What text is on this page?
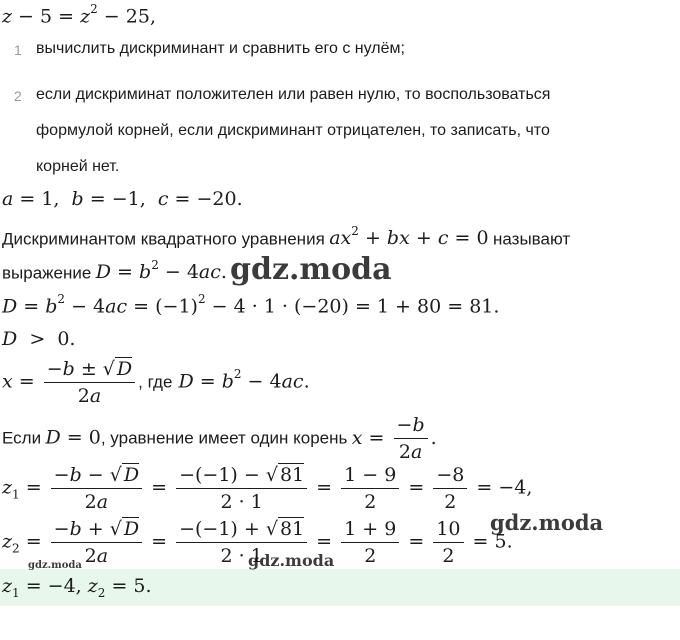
$z - 5 = z^2 - 25$,
1 вычислить дискриминант и сравнить его с нулём;
2 если дискриминат положителен или равен нулю, то воспользоваться
формулой корней, если дискриминант отрицателен, то записать, что
корней нет.
a = 1,  b = −1,  c = −20.
Дискриминантом квадратного уравнения $ax^2$ + bx + c = 0 называют
выражение $D = b^2 - 4ac$.
$D = b^2 - 4ac = (-1)^2 - 4 \cdot 1 \cdot (-20) = 1 + 80 = 81$.
D  >  0.
$x = \frac{-b \pm √ D}{2a}$ , где $D = b^2 - 4ac$.
Если D = 0, уравнение имеет один корень $x = \frac{-b}{2a}$ .
$z_1 = \frac{-b - √ D}{2a} = \frac{-(-1) - √ 81}{2 \cdot 1} = \frac{1 - 9}{2} = \frac{-8}{2} = -4$,
$z_2 = \frac{-b + √ D}{2a} = \frac{-(-1) + √ 81}{2 \cdot 1} = \frac{1 + 9}{2} = \frac{10}{2} = 5$.
$z_1 = -4$, $z_2 = 5$.
gdz.moda
gdz.moda
gdz.moda
gdz.moda
